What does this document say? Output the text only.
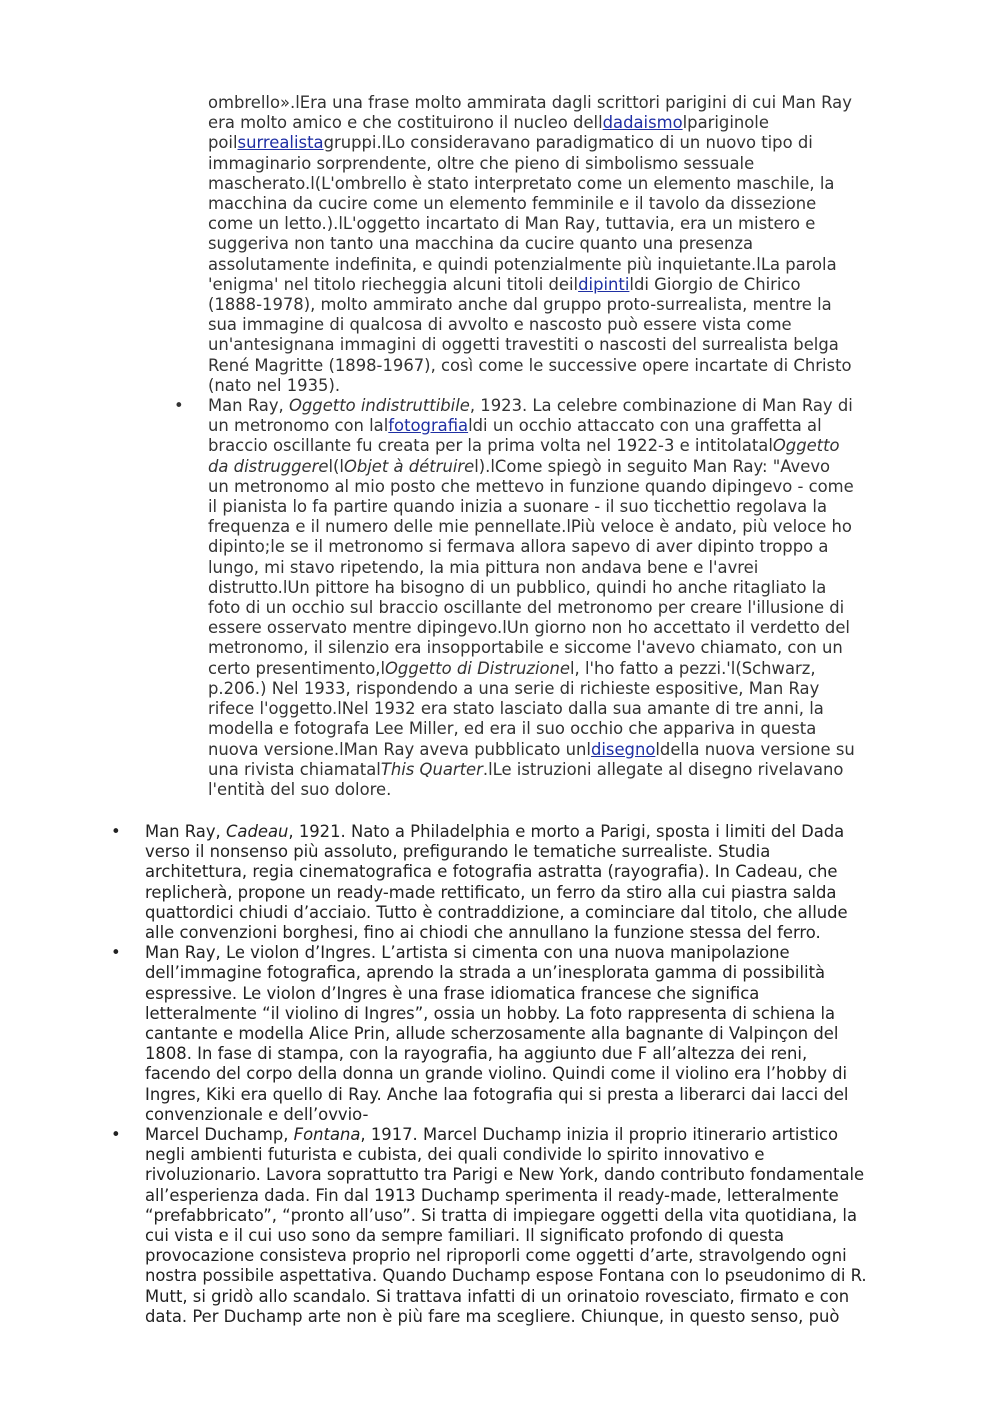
ombrello».lEra una frase molto ammirata dagli scrittori parigini di cui Man Ray
era molto amico e che costituirono il nucleo delldadaismolpariginole
poilsurrealistagruppi.lLo consideravano paradigmatico di un nuovo tipo di
immaginario sorprendente, oltre che pieno di simbolismo sessuale
mascherato.l(L'ombrello è stato interpretato come un elemento maschile, la
macchina da cucire come un elemento femminile e il tavolo da dissezione
come un letto.).lL'oggetto incartato di Man Ray, tuttavia, era un mistero e
suggeriva non tanto una macchina da cucire quanto una presenza
assolutamente indefinita, e quindi potenzialmente più inquietante.lLa parola
'enigma' nel titolo riecheggia alcuni titoli deildipintildi Giorgio de Chirico
(1888-1978), molto ammirato anche dal gruppo proto-surrealista, mentre la
sua immagine di qualcosa di avvolto e nascosto può essere vista come
un'antesignana immagini di oggetti travestiti o nascosti del surrealista belga
René Magritte (1898-1967), così come le successive opere incartate di Christo
(nato nel 1935).
• Man Ray, Oggetto indistruttibile, 1923. La celebre combinazione di Man Ray di
un metronomo con lalfotografialdi un occhio attaccato con una graffetta al
braccio oscillante fu creata per la prima volta nel 1922-3 e intitolatalOggetto
da distruggerel(lObjet à détruirel).lCome spiegò in seguito Man Ray: "Avevo
un metronomo al mio posto che mettevo in funzione quando dipingevo - come
il pianista lo fa partire quando inizia a suonare - il suo ticchettio regolava la
frequenza e il numero delle mie pennellate.lPiù veloce è andato, più veloce ho
dipinto;le se il metronomo si fermava allora sapevo di aver dipinto troppo a
lungo, mi stavo ripetendo, la mia pittura non andava bene e l'avrei
distrutto.lUn pittore ha bisogno di un pubblico, quindi ho anche ritagliato la
foto di un occhio sul braccio oscillante del metronomo per creare l'illusione di
essere osservato mentre dipingevo.lUn giorno non ho accettato il verdetto del
metronomo, il silenzio era insopportabile e siccome l'avevo chiamato, con un
certo presentimento,lOggetto di Distruzionel, l'ho fatto a pezzi.'l(Schwarz,
p.206.) Nel 1933, rispondendo a una serie di richieste espositive, Man Ray
rifece l'oggetto.lNel 1932 era stato lasciato dalla sua amante di tre anni, la
modella e fotografa Lee Miller, ed era il suo occhio che appariva in questa
nuova versione.lMan Ray aveva pubblicato unldisegnoldella nuova versione su
una rivista chiamatalThis Quarter.lLe istruzioni allegate al disegno rivelavano
l'entità del suo dolore.
• Man Ray, Cadeau, 1921. Nato a Philadelphia e morto a Parigi, sposta i limiti del Dada
verso il nonsenso più assoluto, prefigurando le tematiche surrealiste. Studia
architettura, regia cinematografica e fotografia astratta (rayografia). In Cadeau, che
replicherà, propone un ready-made rettificato, un ferro da stiro alla cui piastra salda
quattordici chiudi d’acciaio. Tutto è contraddizione, a cominciare dal titolo, che allude
alle convenzioni borghesi, fino ai chiodi che annullano la funzione stessa del ferro.
• Man Ray, Le violon d’Ingres. L’artista si cimenta con una nuova manipolazione
dell’immagine fotografica, aprendo la strada a un’inesplorata gamma di possibilità
espressive. Le violon d’Ingres è una frase idiomatica francese che significa
letteralmente “il violino di Ingres”, ossia un hobby. La foto rappresenta di schiena la
cantante e modella Alice Prin, allude scherzosamente alla bagnante di Valpinçon del
1808. In fase di stampa, con la rayografia, ha aggiunto due F all’altezza dei reni,
facendo del corpo della donna un grande violino. Quindi come il violino era l’hobby di
Ingres, Kiki era quello di Ray. Anche laa fotografia qui si presta a liberarci dai lacci del
convenzionale e dell’ovvio-
• Marcel Duchamp, Fontana, 1917. Marcel Duchamp inizia il proprio itinerario artistico
negli ambienti futurista e cubista, dei quali condivide lo spirito innovativo e
rivoluzionario. Lavora soprattutto tra Parigi e New York, dando contributo fondamentale
all’esperienza dada. Fin dal 1913 Duchamp sperimenta il ready-made, letteralmente
“prefabbricato”, “pronto all’uso”. Si tratta di impiegare oggetti della vita quotidiana, la
cui vista e il cui uso sono da sempre familiari. Il significato profondo di questa
provocazione consisteva proprio nel riproporli come oggetti d’arte, stravolgendo ogni
nostra possibile aspettativa. Quando Duchamp espose Fontana con lo pseudonimo di R.
Mutt, si gridò allo scandalo. Si trattava infatti di un orinatoio rovesciato, firmato e con
data. Per Duchamp arte non è più fare ma scegliere. Chiunque, in questo senso, può
